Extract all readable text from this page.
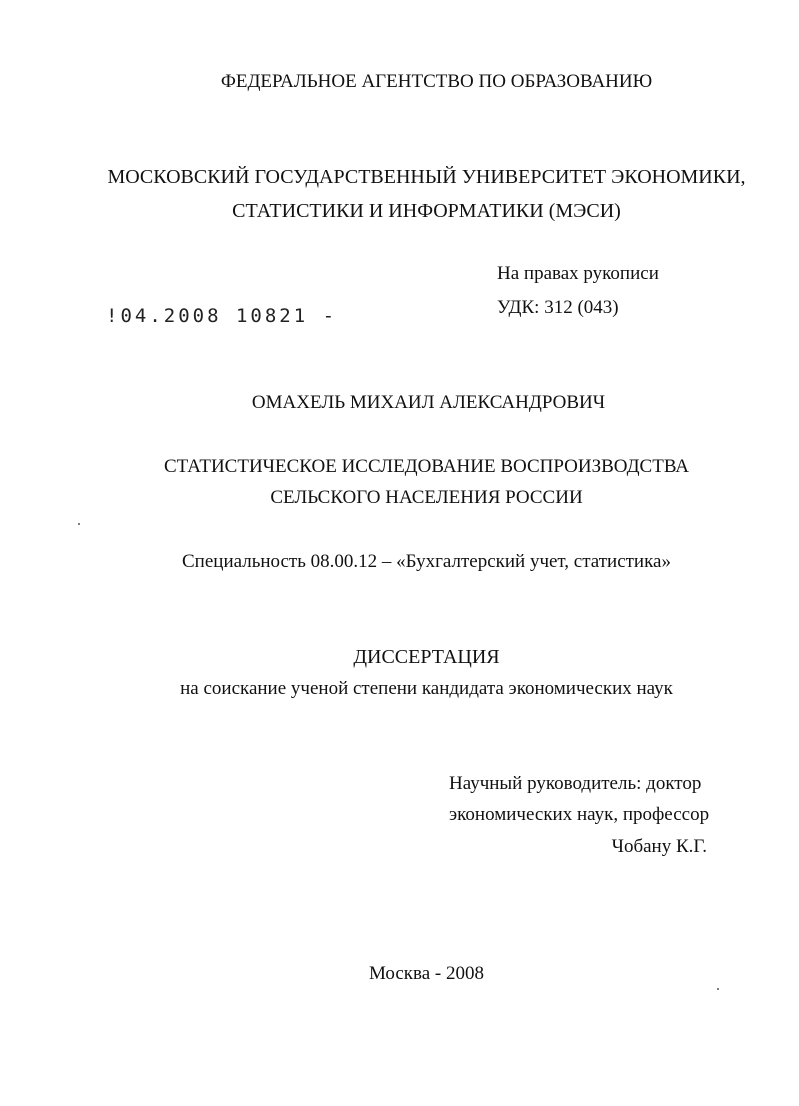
ФЕДЕРАЛЬНОЕ АГЕНТСТВО ПО ОБРАЗОВАНИЮ
МОСКОВСКИЙ ГОСУДАРСТВЕННЫЙ УНИВЕРСИТЕТ ЭКОНОМИКИ,
СТАТИСТИКИ И ИНФОРМАТИКИ (МЭСИ)
На правах рукописи
УДК: 312 (043)
!04.2008 10821 -
ОМАХЕЛЬ МИХАИЛ АЛЕКСАНДРОВИЧ
СТАТИСТИЧЕСКОЕ ИССЛЕДОВАНИЕ ВОСПРОИЗВОДСТВА
СЕЛЬСКОГО НАСЕЛЕНИЯ РОССИИ
Специальность 08.00.12 – «Бухгалтерский учет, статистика»
ДИССЕРТАЦИЯ
на соискание ученой степени кандидата экономических наук
Научный руководитель: доктор
экономических наук, профессор
Чобану К.Г.
Москва - 2008
